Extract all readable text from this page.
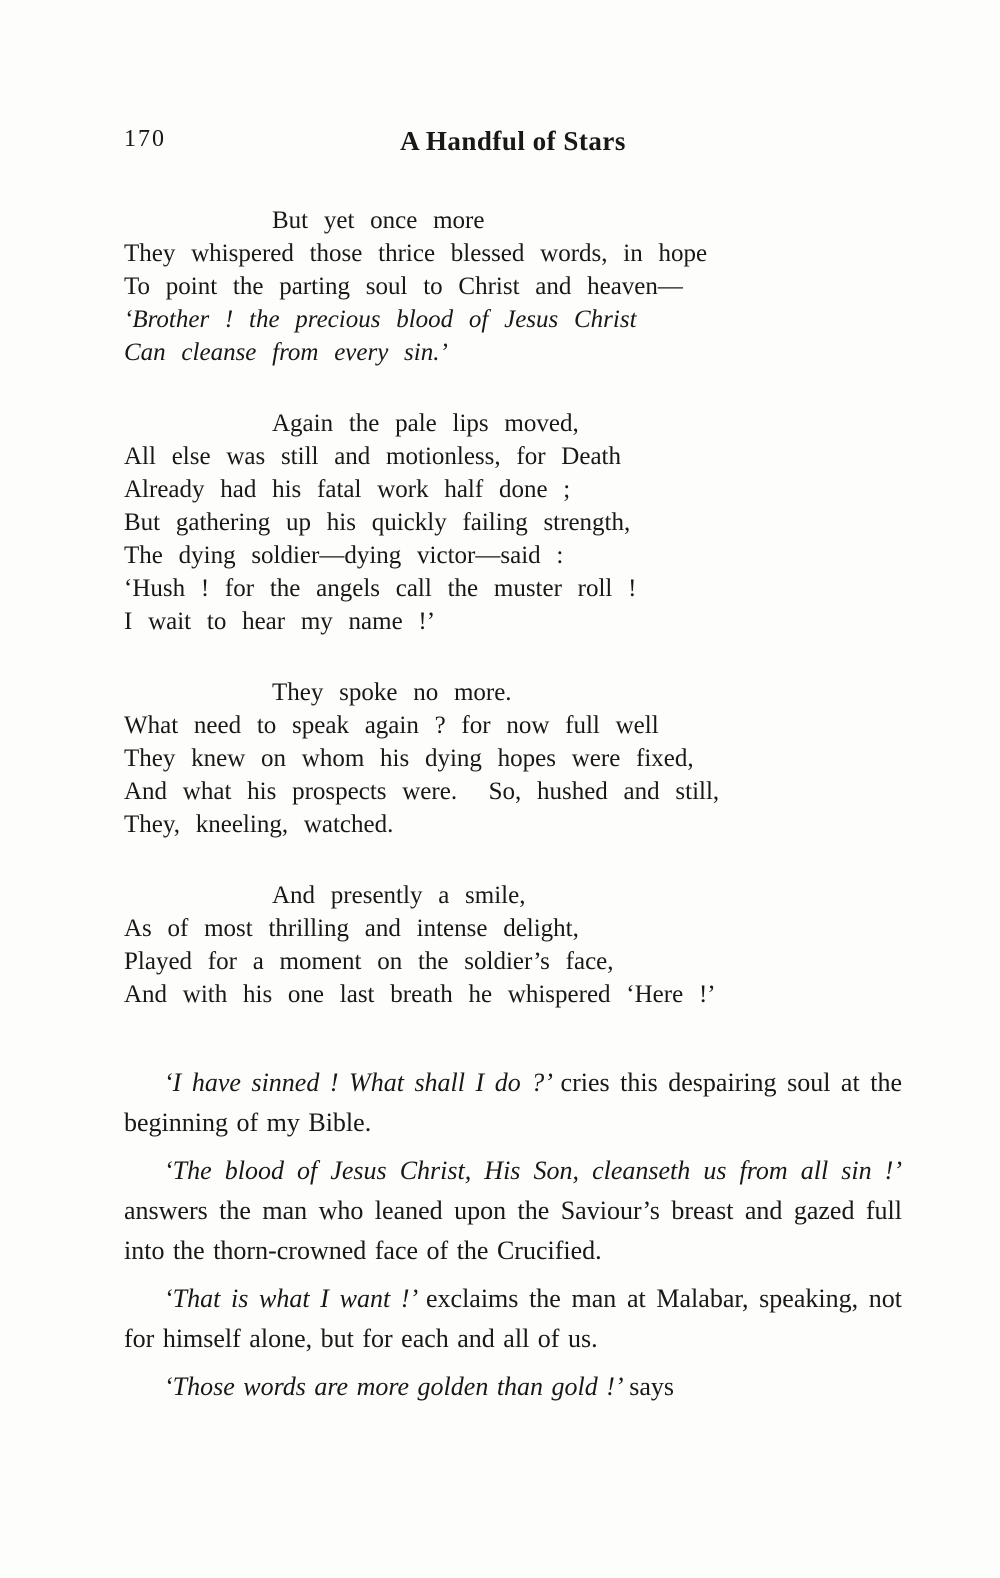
170	A Handful of Stars
But yet once more
They whispered those thrice blessed words, in hope
To point the parting soul to Christ and heaven—
‘Brother ! the precious blood of Jesus Christ
Can cleanse from every sin.’
Again the pale lips moved,
All else was still and motionless, for Death
Already had his fatal work half done ;
But gathering up his quickly failing strength,
The dying soldier—dying victor—said :
‘Hush ! for the angels call the muster roll !
I wait to hear my name !’
They spoke no more.
What need to speak again ? for now full well
They knew on whom his dying hopes were fixed,
And what his prospects were.  So, hushed and still,
They, kneeling, watched.
And presently a smile,
As of most thrilling and intense delight,
Played for a moment on the soldier’s face,
And with his one last breath he whispered ‘Here !’

‘I have sinned ! What shall I do ?’ cries this despairing soul at the beginning of my Bible.

‘The blood of Jesus Christ, His Son, cleanseth us from all sin !’ answers the man who leaned upon the Saviour’s breast and gazed full into the thorn-crowned face of the Crucified.

‘That is what I want !’ exclaims the man at Malabar, speaking, not for himself alone, but for each and all of us.

‘Those words are more golden than gold !’ says
